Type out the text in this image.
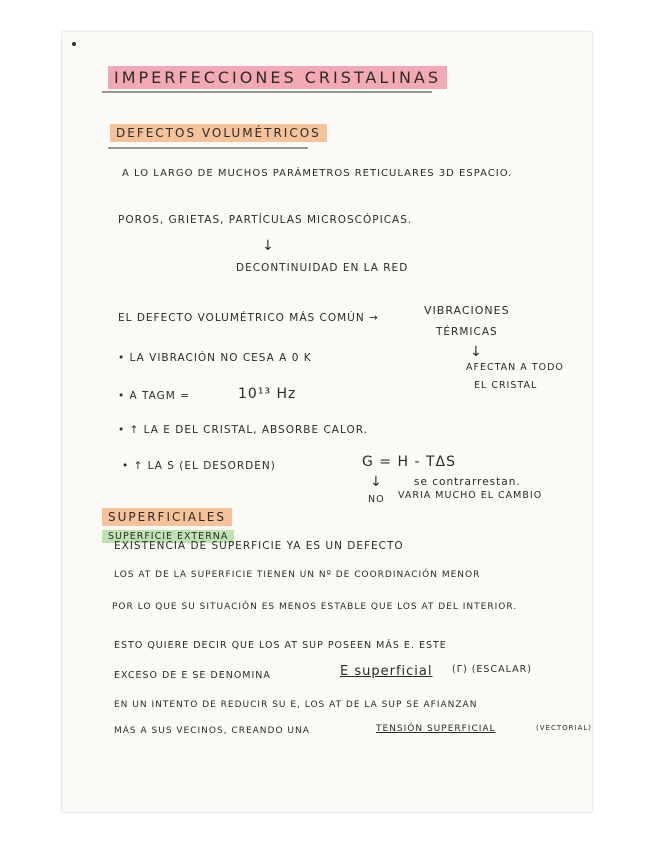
IMPERFECCIONES CRISTALINAS
DEFECTOS VOLUMÉTRICOS
A LO LARGO DE MUCHOS PARÁMETROS RETICULARES 3D ESPACIO.
POROS, GRIETAS, PARTÍCULAS MICROSCÓPICAS.
↓
DECONTINUIDAD EN LA RED
EL DEFECTO VOLUMÉTRICO MÁS COMÚN →
VIBRACIONES
TÉRMICAS
↓
AFECTAN A TODO
EL CRISTAL
• LA VIBRACIÓN NO CESA A 0 K
• A TAGM =	10¹³ Hz
• ↑ LA E DEL CRISTAL, ABSORBE CALOR.
• ↑ LA S (EL DESORDEN)	G = H - TΔS
↓	se contrarrestan.
NO VARIA MUCHO EL CAMBIO
SUPERFICIALES
SUPERFICIE EXTERNA
EXISTENCIA DE SUPERFICIE YA ES UN DEFECTO
LOS AT DE LA SUPERFICIE TIENEN UN Nº DE COORDINACIÓN MENOR
POR LO QUE SU SITUACIÓN ES MENOS ESTABLE QUE LOS AT DEL INTERIOR.
ESTO QUIERE DECIR QUE LOS AT SUP POSEEN MÁS E. ESTE
EXCESO DE E SE DENOMINA	E superficial (Γ) (ESCALAR)
EN UN INTENTO DE REDUCIR SU E, LOS AT DE LA SUP SE AFIANZAN
MÁS A SUS VECINOS, CREANDO UNA	TENSIÓN SUPERFICIAL	(VECTORIAL)
